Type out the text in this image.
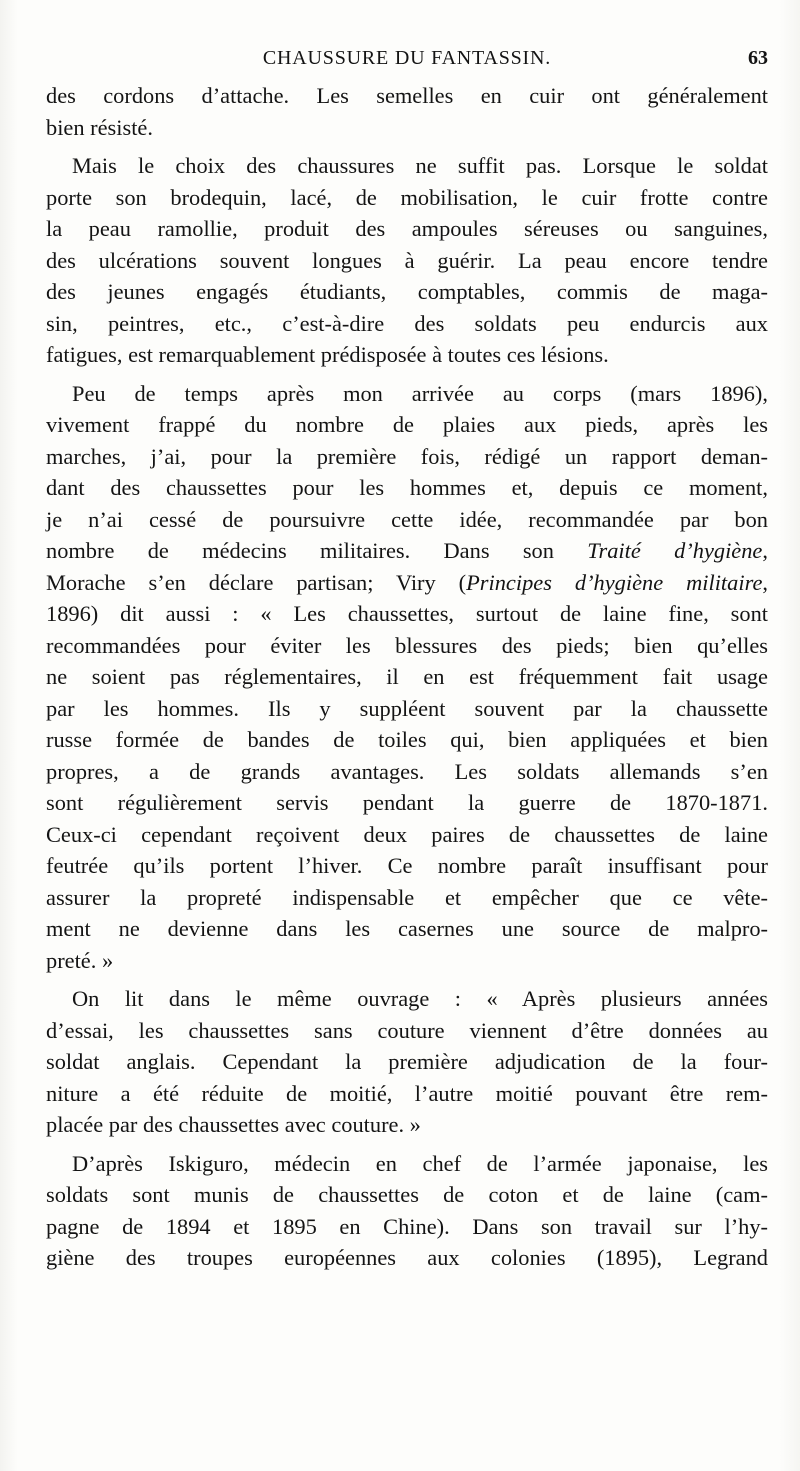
CHAUSSURE DU FANTASSIN.	63
des cordons d’attache. Les semelles en cuir ont généralement
bien résisté.
Mais le choix des chaussures ne suffit pas. Lorsque le soldat
porte son brodequin, lacé, de mobilisation, le cuir frotte contre
la peau ramollie, produit des ampoules séreuses ou sanguines,
des ulcérations souvent longues à guérir. La peau encore tendre
des jeunes engagés étudiants, comptables, commis de maga-
sin, peintres, etc., c’est-à-dire des soldats peu endurcis aux
fatigues, est remarquablement prédisposée à toutes ces lésions.
Peu de temps après mon arrivée au corps (mars 1896),
vivement frappé du nombre de plaies aux pieds, après les
marches, j’ai, pour la première fois, rédigé un rapport deman-
dant des chaussettes pour les hommes et, depuis ce moment,
je n’ai cessé de poursuivre cette idée, recommandée par bon
nombre de médecins militaires. Dans son Traité d’hygiène,
Morache s’en déclare partisan; Viry (Principes d’hygiène militaire,
1896) dit aussi : « Les chaussettes, surtout de laine fine, sont
recommandées pour éviter les blessures des pieds; bien qu’elles
ne soient pas réglementaires, il en est fréquemment fait usage
par les hommes. Ils y suppléent souvent par la chaussette
russe formée de bandes de toiles qui, bien appliquées et bien
propres, a de grands avantages. Les soldats allemands s’en
sont régulièrement servis pendant la guerre de 1870-1871.
Ceux-ci cependant reçoivent deux paires de chaussettes de laine
feutrée qu’ils portent l’hiver. Ce nombre paraît insuffisant pour
assurer la propreté indispensable et empêcher que ce vête-
ment ne devienne dans les casernes une source de malpro-
preté. »
On lit dans le même ouvrage : « Après plusieurs années
d’essai, les chaussettes sans couture viennent d’être données au
soldat anglais. Cependant la première adjudication de la four-
niture a été réduite de moitié, l’autre moitié pouvant être rem-
placée par des chaussettes avec couture. »
D’après Iskiguro, médecin en chef de l’armée japonaise, les
soldats sont munis de chaussettes de coton et de laine (cam-
pagne de 1894 et 1895 en Chine). Dans son travail sur l’hy-
giène des troupes européennes aux colonies (1895), Legrand
